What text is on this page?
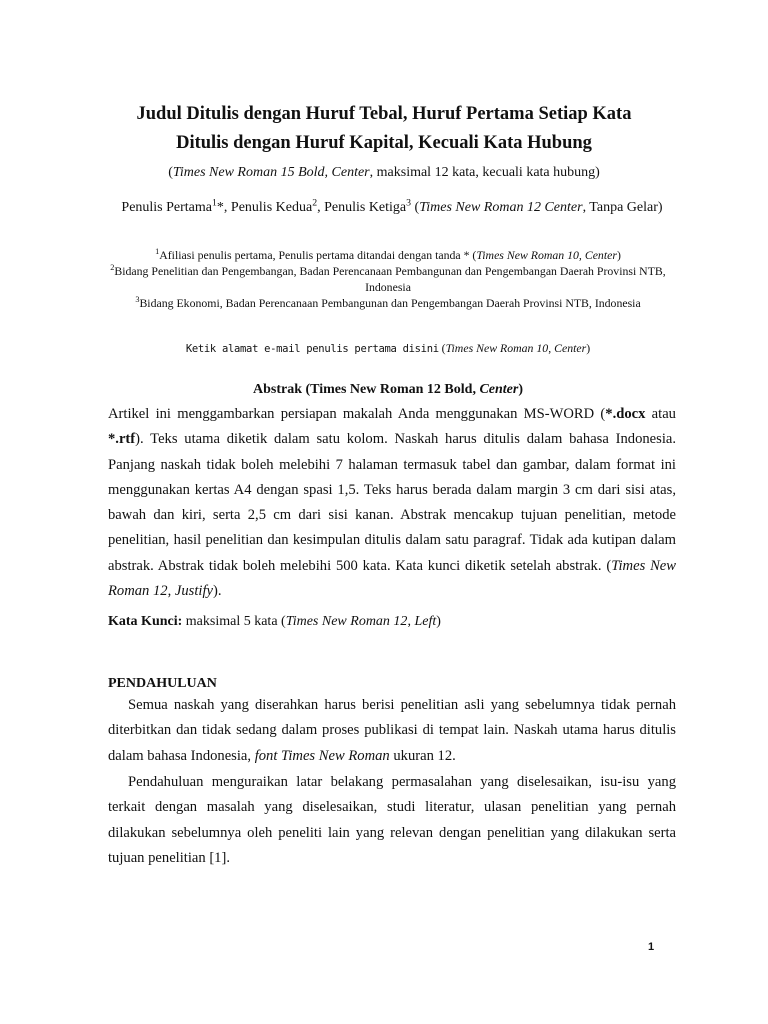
Judul Ditulis dengan Huruf Tebal, Huruf Pertama Setiap Kata
Ditulis dengan Huruf Kapital, Kecuali Kata Hubung
(Times New Roman 15 Bold, Center, maksimal 12 kata, kecuali kata hubung)
Penulis Pertama$^1$*, Penulis Kedua$^2$, Penulis Ketiga$^3$ (Times New Roman 12 Center, Tanpa Gelar)

$^1$Afiliasi penulis pertama, Penulis pertama ditandai dengan tanda * (Times New Roman 10, Center)

$^2$Bidang Penelitian dan Pengembangan, Badan Perencanaan Pembangunan dan Pengembangan Daerah Provinsi NTB, Indonesia

$^3$Bidang Ekonomi, Badan Perencanaan Pembangunan dan Pengembangan Daerah Provinsi NTB, Indonesia

Ketik alamat e-mail penulis pertama disini (Times New Roman 10, Center)
Abstrak (Times New Roman 12 Bold, Center)

Artikel ini menggambarkan persiapan makalah Anda menggunakan MS-WORD (*.docx atau *.rtf). Teks utama diketik dalam satu kolom. Naskah harus ditulis dalam bahasa Indonesia. Panjang naskah tidak boleh melebihi 7 halaman termasuk tabel dan gambar, dalam format ini menggunakan kertas A4 dengan spasi 1,5. Teks harus berada dalam margin 3 cm dari sisi atas, bawah dan kiri, serta 2,5 cm dari sisi kanan. Abstrak mencakup tujuan penelitian, metode penelitian, hasil penelitian dan kesimpulan ditulis dalam satu paragraf. Tidak ada kutipan dalam abstrak. Abstrak tidak boleh melebihi 500 kata. Kata kunci diketik setelah abstrak. (Times New Roman 12, Justify).

Kata Kunci: maksimal 5 kata (Times New Roman 12, Left)
PENDAHULUAN

Semua naskah yang diserahkan harus berisi penelitian asli yang sebelumnya tidak pernah diterbitkan dan tidak sedang dalam proses publikasi di tempat lain. Naskah utama harus ditulis dalam bahasa Indonesia, font Times New Roman ukuran 12.

Pendahuluan menguraikan latar belakang permasalahan yang diselesaikan, isu-isu yang terkait dengan masalah yang diselesaikan, studi literatur, ulasan penelitian yang pernah dilakukan sebelumnya oleh peneliti lain yang relevan dengan penelitian yang dilakukan serta tujuan penelitian [1].

1
